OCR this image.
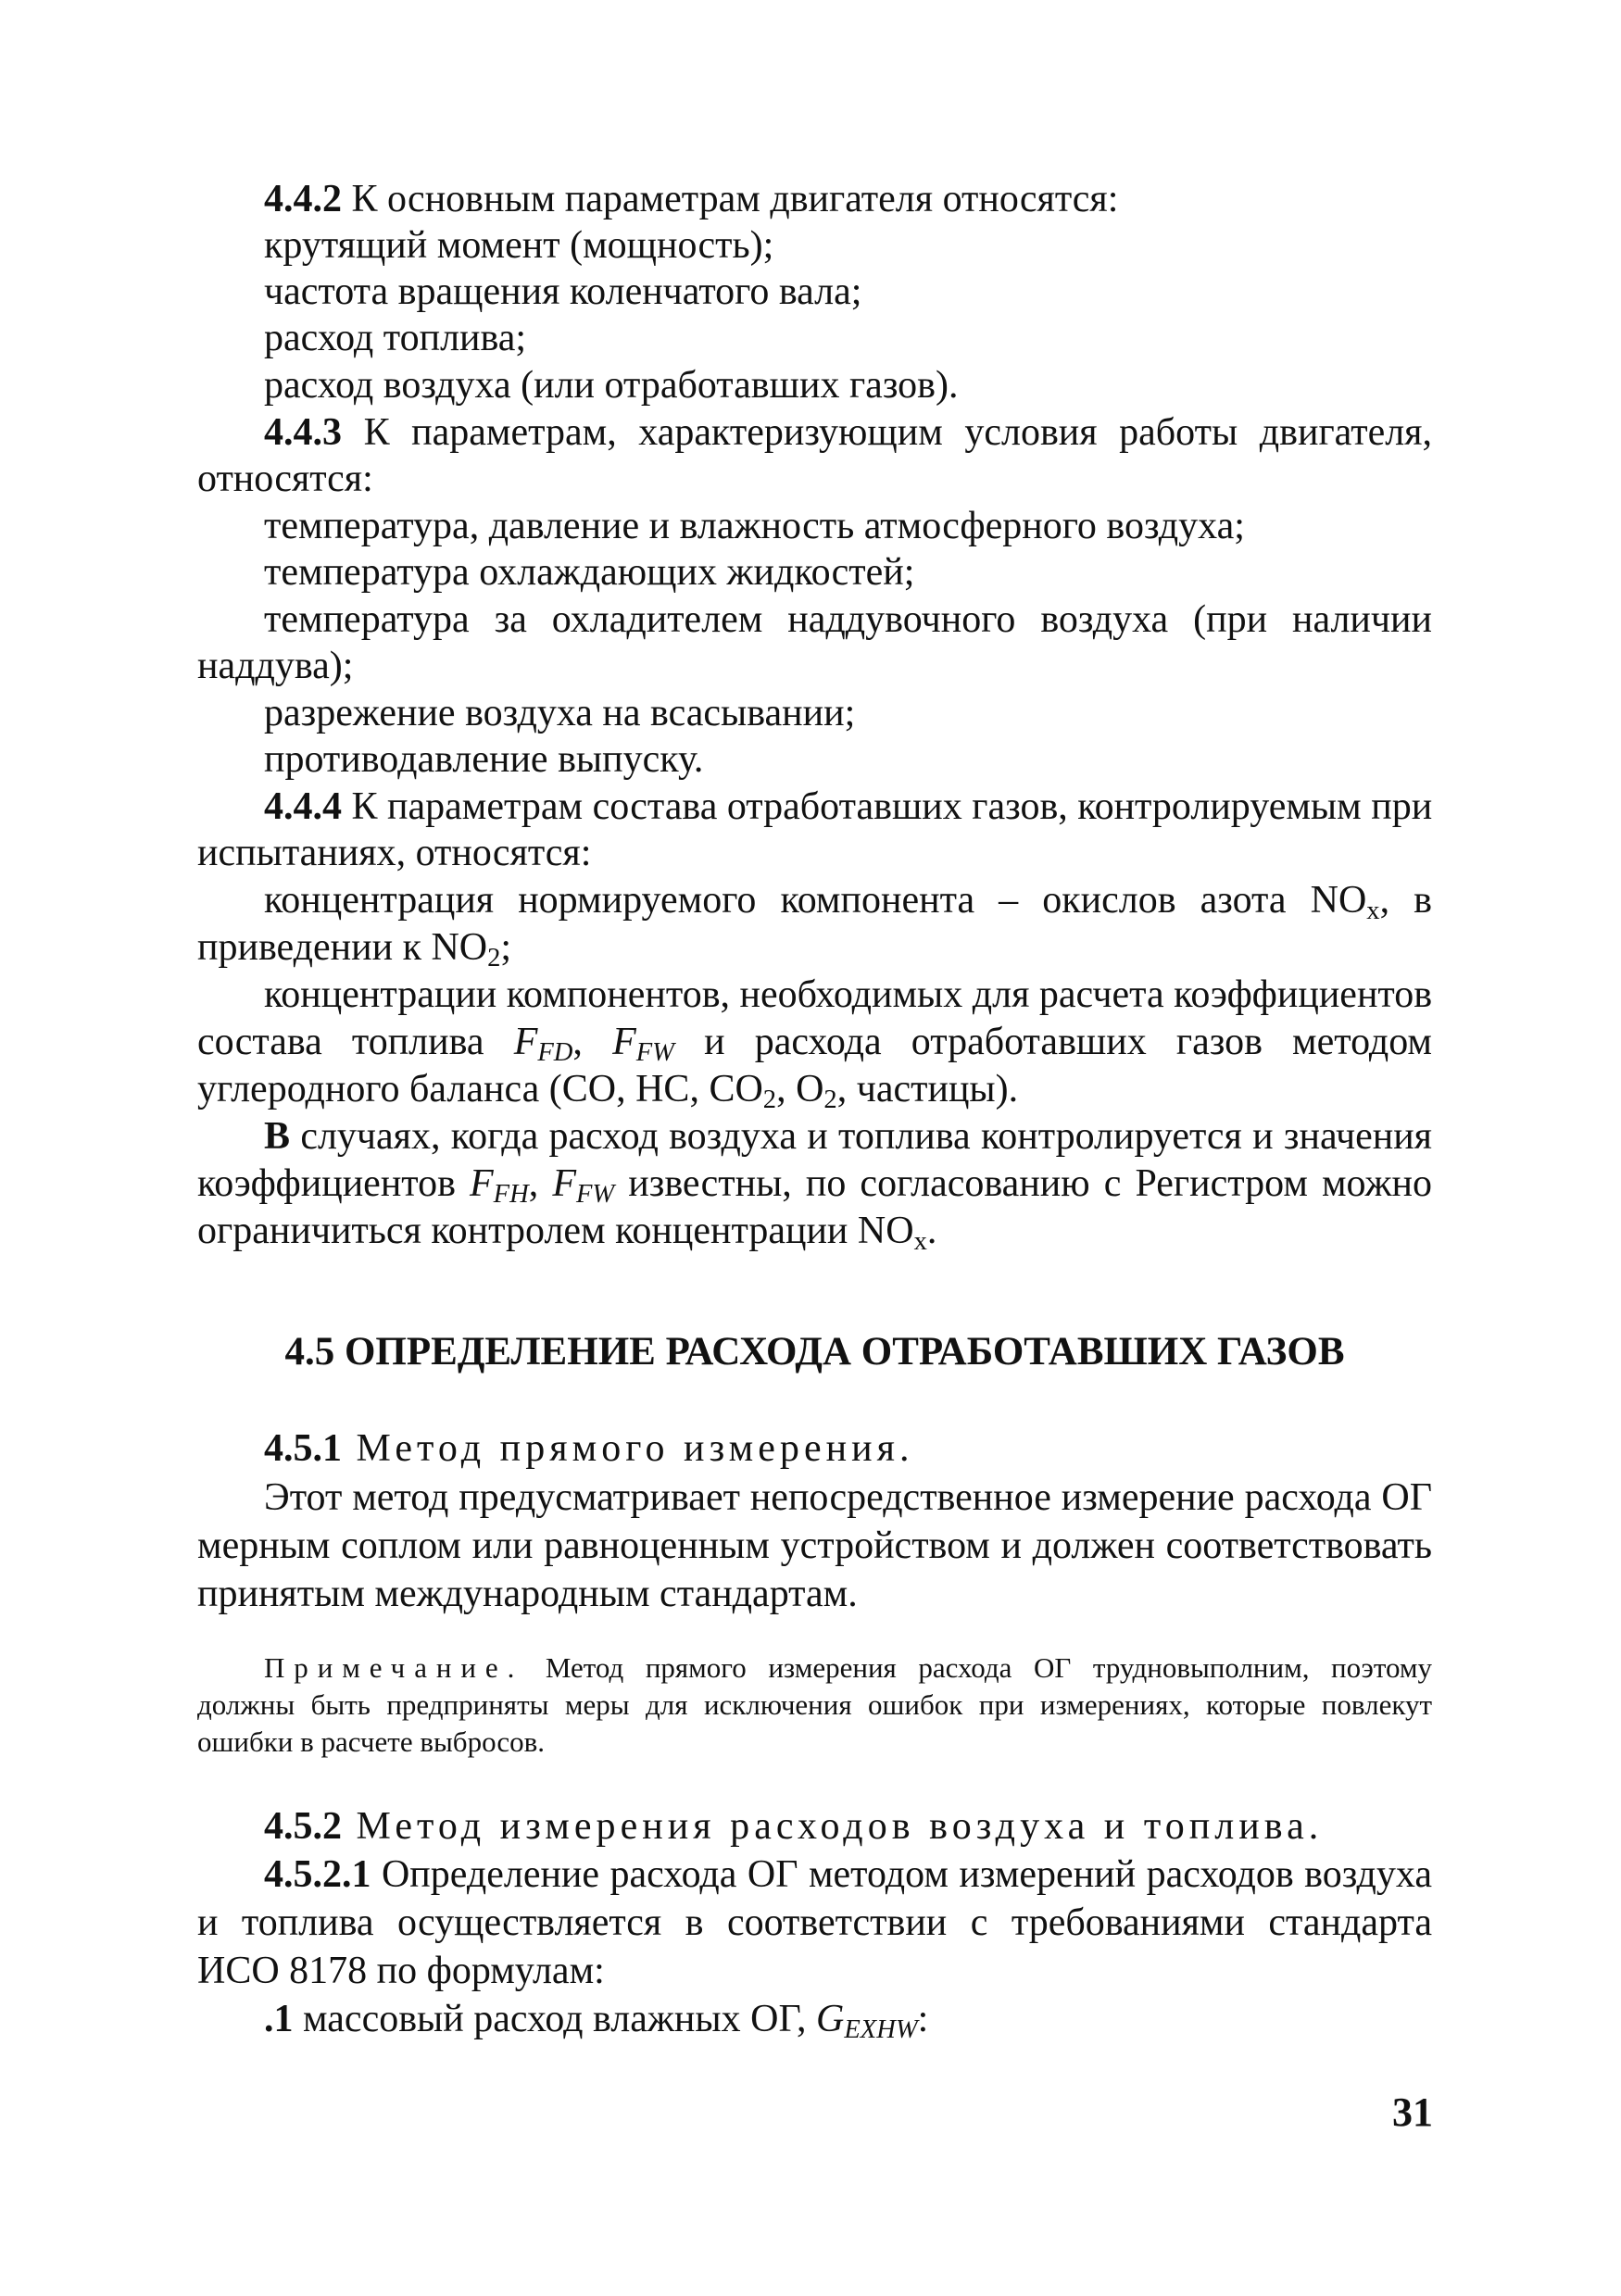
4.4.2 К основным параметрам двигателя относятся:
крутящий момент (мощность);
частота вращения коленчатого вала;
расход топлива;
расход воздуха (или отработавших газов).
4.4.3 К параметрам, характеризующим условия работы двигателя,
относятся:
температура, давление и влажность атмосферного воздуха;
температура охлаждающих жидкостей;
температура за охладителем наддувочного воздуха (при наличии
наддува);
разрежение воздуха на всасывании;
противодавление выпуску.
4.4.4 К параметрам состава отработавших газов, контролируемым при
испытаниях, относятся:
концентрация нормируемого компонента – окислов азота $NO_x$, в
приведении к $NO_2$;
концентрации компонентов, необходимых для расчета коэффициентов
состава топлива $F_{FD}$, $F_{FW}$ и расхода отработавших газов методом
углеродного баланса (СО, НС, $СО_2$, $О_2$, частицы).
В случаях, когда расход воздуха и топлива контролируется и значения
коэффициентов $F_{FH}$, $F_{FW}$ известны, по согласованию с Регистром можно
ограничиться контролем концентрации $NO_x$.
4.5 ОПРЕДЕЛЕНИЕ РАСХОДА ОТРАБОТАВШИХ ГАЗОВ
4.5.1 Метод прямого измерения.
Этот метод предусматривает непосредственное измерение расхода ОГ
мерным соплом или равноценным устройством и должен соответствовать
принятым международным стандартам.
Примечание. Метод прямого измерения расхода ОГ трудновыполним, поэтому
должны быть предприняты меры для исключения ошибок при измерениях, которые повлекут
ошибки в расчете выбросов.
4.5.2 Метод измерения расходов воздуха и топлива.
4.5.2.1 Определение расхода ОГ методом измерений расходов воздуха
и топлива осуществляется в соответствии с требованиями стандарта
ИСО 8178 по формулам:
.1 массовый расход влажных ОГ, $G_{EXHW}$:
31
